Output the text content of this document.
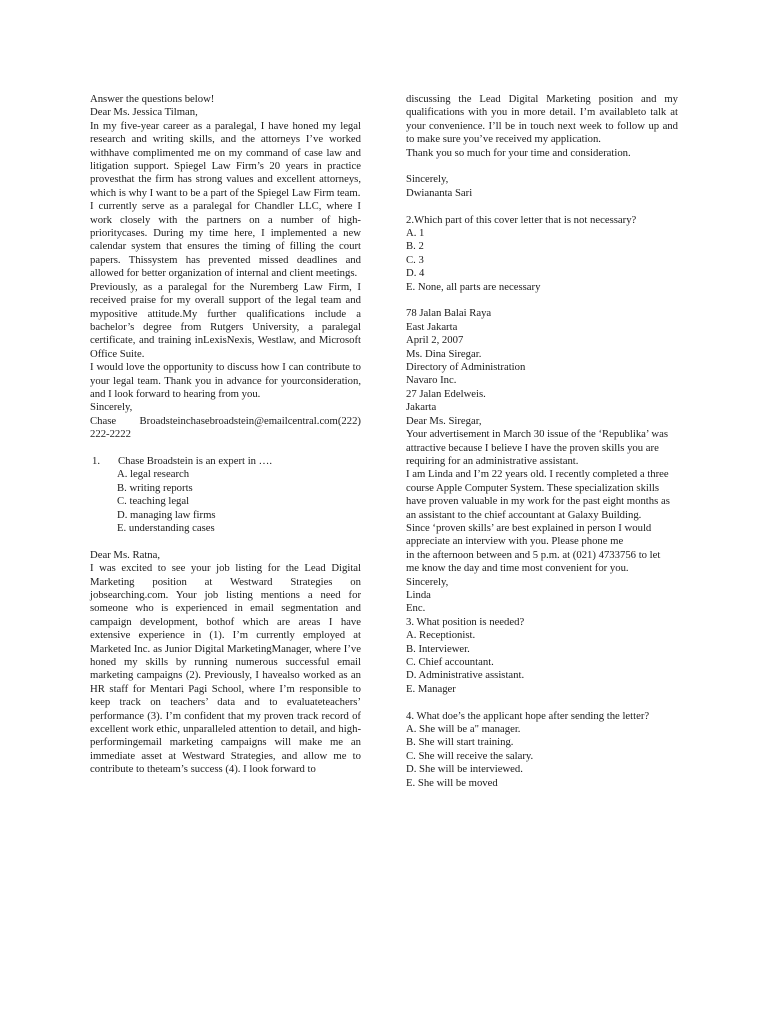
Answer the questions below!

Dear Ms. Jessica Tilman,

In my five-year career as a paralegal, I have honed my legal research and writing skills, and the attorneys I’ve worked withhave complimented me on my command of case law and litigation support. Spiegel Law Firm’s 20 years in practice provesthat the firm has strong values and excellent attorneys, which is why I want to be a part of the Spiegel Law Firm team.

I currently serve as a paralegal for Chandler LLC, where I work closely with the partners on a number of high-prioritycases. During my time here, I implemented a new calendar system that ensures the timing of filling the court papers. Thissystem has prevented missed deadlines and allowed for better organization of internal and client meetings.

Previously, as a paralegal for the Nuremberg Law Firm, I received praise for my overall support of the legal team and mypositive attitude.My further qualifications include a bachelor’s degree from Rutgers University, a paralegal certificate, and training inLexisNexis, Westlaw, and Microsoft Office Suite.

I would love the opportunity to discuss how I can contribute to your legal team. Thank you in advance for yourconsideration, and I look forward to hearing from you.

Sincerely,

Chase Broadsteinchasebroadstein@emailcentral.com(222) 222-2222

1.	Chase Broadstein is an expert in ….

A. legal research

B. writing reports

C. teaching legal

D. managing law firms

E. understanding cases

Dear Ms. Ratna,

I was excited to see your job listing for the Lead Digital Marketing position at Westward Strategies on jobsearching.com. Your job listing mentions a need for someone who is experienced in email segmentation and campaign development, bothof which are areas I have extensive experience in (1). I’m currently employed at Marketed Inc. as Junior Digital MarketingManager, where I’ve honed my skills by running numerous successful email marketing campaigns (2). Previously, I havealso worked as an HR staff for Mentari Pagi School, where I’m responsible to keep track on teachers’ data and to evaluateteachers’ performance (3). I’m confident that my proven track record of excellent work ethic, unparalleled attention to detail, and high-performingemail marketing campaigns will make me an immediate asset at Westward Strategies, and allow me to contribute to theteam’s success (4). I look forward to

discussing the Lead Digital Marketing position and my qualifications with you in more detail. I’m availableto talk at your convenience. I’ll be in touch next week to follow up and to make sure you’ve received my application.

Thank you so much for your time and consideration.

Sincerely,

Dwiananta Sari

2.Which part of this cover letter that is not necessary?

A. 1

B. 2

C. 3

D. 4

E. None, all parts are necessary

78 Jalan Balai Raya

East Jakarta

April 2, 2007

Ms. Dina Siregar.

Directory of Administration

Navaro Inc.

27 Jalan Edelweis.

Jakarta

Dear Ms. Siregar,

Your advertisement in March 30 issue of the ‘Republika’ was attractive because I believe I have the proven skills you are requiring for an administrative assistant.

I am Linda and I’m 22 years old. I recently completed a three course Apple Computer System. These specialization skills have proven valuable in my work for the past eight months as an assistant to the chief accountant at Galaxy Building.

Since ‘proven skills’ are best explained in person I would

appreciate an interview with you. Please phone me

in the afternoon between and 5 p.m. at (021) 4733756 to let

me know the day and time most convenient for you.

Sincerely,

Linda

Enc.

3. What position is needed?

A. Receptionist.

B. Interviewer.

C. Chief accountant.

D. Administrative assistant.

E. Manager

4. What doe’s the applicant hope after sending the letter?

A. She will be a" manager.

B. She will start training.

C. She will receive the salary.

D. She will be interviewed.

E. She will be moved
